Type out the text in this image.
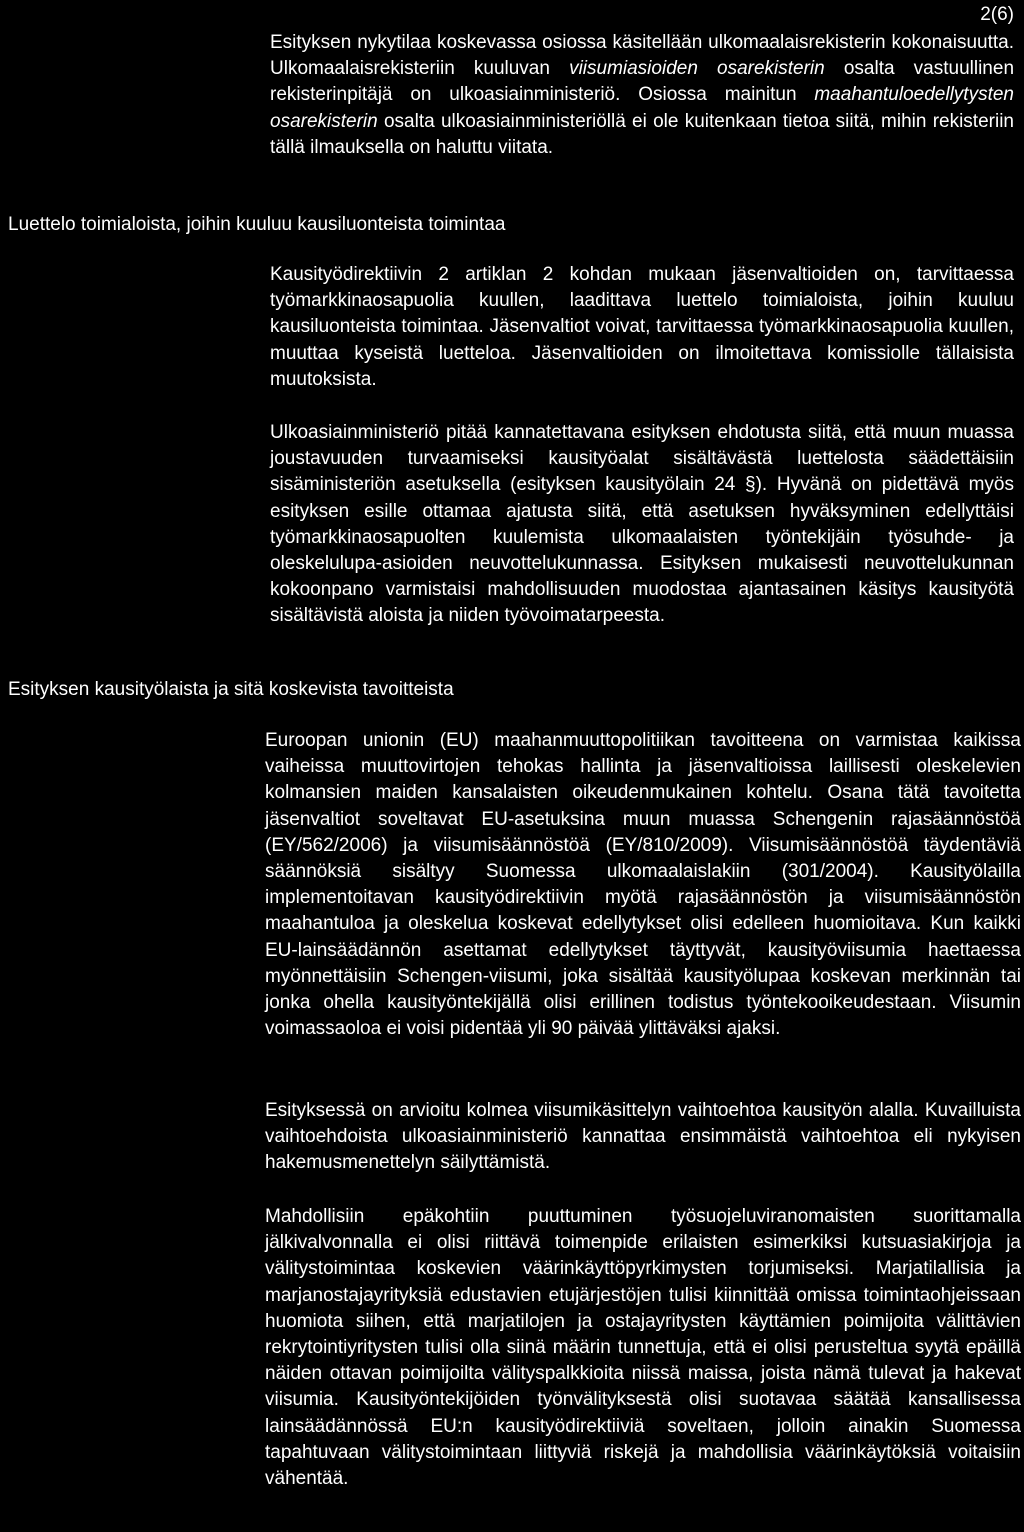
2(6)

Esityksen nykytilaa koskevassa osiossa käsitellään ulkomaalaisrekisterin kokonaisuutta. Ulkomaalaisrekisteriin kuuluvan viisumiasioiden osarekisterin osalta vastuullinen rekisterinpitäjä on ulkoasiainministeriö. Osiossa mainitun maahantuloedellytysten osarekisterin osalta ulkoasiainministeriöllä ei ole kuitenkaan tietoa siitä, mihin rekisteriin tällä ilmauksella on haluttu viitata.

Luettelo toimialoista, joihin kuuluu kausiluonteista toimintaa

Kausityödirektiivin 2 artiklan 2 kohdan mukaan jäsenvaltioiden on, tarvittaessa työmarkkinaosapuolia kuullen, laadittava luettelo toimialoista, joihin kuuluu kausiluonteista toimintaa. Jäsenvaltiot voivat, tarvittaessa työmarkkinaosapuolia kuullen, muuttaa kyseistä luetteloa. Jäsenvaltioiden on ilmoitettava komissiolle tällaisista muutoksista.

Ulkoasiainministeriö pitää kannatettavana esityksen ehdotusta siitä, että muun muassa joustavuuden turvaamiseksi kausityöalat sisältävästä luettelosta säädettäisiin sisäministeriön asetuksella (esityksen kausityölain 24 §). Hyvänä on pidettävä myös esityksen esille ottamaa ajatusta siitä, että asetuksen hyväksyminen edellyttäisi työmarkkinaosapuolten kuulemista ulkomaalaisten työntekijäin työsuhde- ja oleskelulupa-asioiden neuvottelukunnassa. Esityksen mukaisesti neuvottelukunnan kokoonpano varmistaisi mahdollisuuden muodostaa ajantasainen käsitys kausityötä sisältävistä aloista ja niiden työvoimatarpeesta.

Esityksen kausityölaista ja sitä koskevista tavoitteista

Euroopan unionin (EU) maahanmuuttopolitiikan tavoitteena on varmistaa kaikissa vaiheissa muuttovirtojen tehokas hallinta ja jäsenvaltioissa laillisesti oleskelevien kolmansien maiden kansalaisten oikeudenmukainen kohtelu. Osana tätä tavoitetta jäsenvaltiot soveltavat EU-asetuksina muun muassa Schengenin rajasäännöstöä (EY/562/2006) ja viisumisäännöstöä (EY/810/2009). Viisumisäännöstöä täydentäviä säännöksiä sisältyy Suomessa ulkomaalaislakiin (301/2004). Kausityölailla implementoitavan kausityödirektiivin myötä rajasäännöstön ja viisumisäännöstön maahantuloa ja oleskelua koskevat edellytykset olisi edelleen huomioitava. Kun kaikki EU-lainsäädännön asettamat edellytykset täyttyvät, kausityöviisumia haettaessa myönnettäisiin Schengen-viisumi, joka sisältää kausityölupaa koskevan merkinnän tai jonka ohella kausityöntekijällä olisi erillinen todistus työntekooikeudestaan. Viisumin voimassaoloa ei voisi pidentää yli 90 päivää ylittäväksi ajaksi.

Esityksessä on arvioitu kolmea viisumikäsittelyn vaihtoehtoa kausityön alalla. Kuvailluista vaihtoehdoista ulkoasiainministeriö kannattaa ensimmäistä vaihtoehtoa eli nykyisen hakemusmenettelyn säilyttämistä.

Mahdollisiin epäkohtiin puuttuminen työsuojeluviranomaisten suorittamalla jälkivalvonnalla ei olisi riittävä toimenpide erilaisten esimerkiksi kutsuasiakirjoja ja välitystoimintaa koskevien väärinkäyttöpyrkimysten torjumiseksi. Marjatilallisia ja marjanostajayrityksiä edustavien etujärjestöjen tulisi kiinnittää omissa toimintaohjeissaan huomiota siihen, että marjatilojen ja ostajayritysten käyttämien poimijoita välittävien rekrytointiyritysten tulisi olla siinä määrin tunnettuja, että ei olisi perusteltua syytä epäillä näiden ottavan poimijoilta välityspalkkioita niissä maissa, joista nämä tulevat ja hakevat viisumia. Kausityöntekijöiden työnvälityksestä olisi suotavaa säätää kansallisessa lainsäädännössä EU:n kausityödirektiiviä soveltaen, jolloin ainakin Suomessa tapahtuvaan välitystoimintaan liittyviä riskejä ja mahdollisia väärinkäytöksiä voitaisiin vähentää.
